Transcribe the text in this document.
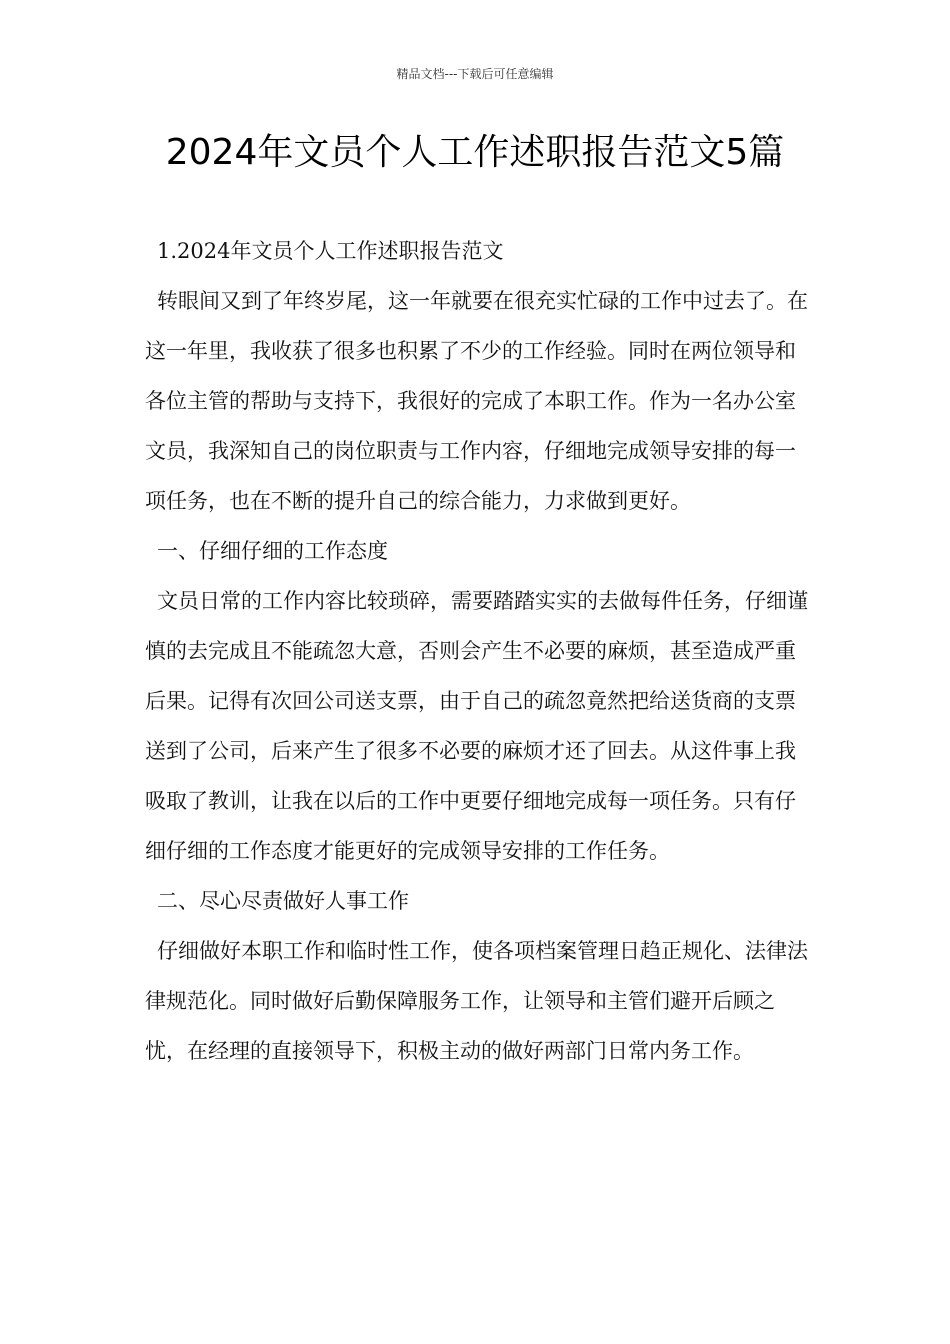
精品文档---下载后可任意编辑
2024年文员个人工作述职报告范文5篇

1.2024年文员个人工作述职报告范文

转眼间又到了年终岁尾，这一年就要在很充实忙碌的工作中过去了。在这一年里，我收获了很多也积累了不少的工作经验。同时在两位领导和各位主管的帮助与支持下，我很好的完成了本职工作。作为一名办公室文员，我深知自己的岗位职责与工作内容，仔细地完成领导安排的每一项任务，也在不断的提升自己的综合能力，力求做到更好。

一、仔细仔细的工作态度

文员日常的工作内容比较琐碎，需要踏踏实实的去做每件任务，仔细谨慎的去完成且不能疏忽大意，否则会产生不必要的麻烦，甚至造成严重后果。记得有次回公司送支票，由于自己的疏忽竟然把给送货商的支票送到了公司，后来产生了很多不必要的麻烦才还了回去。从这件事上我吸取了教训，让我在以后的工作中更要仔细地完成每一项任务。只有仔细仔细的工作态度才能更好的完成领导安排的工作任务。

二、尽心尽责做好人事工作

仔细做好本职工作和临时性工作，使各项档案管理日趋正规化、法律法律规范化。同时做好后勤保障服务工作，让领导和主管们避开后顾之忧，在经理的直接领导下，积极主动的做好两部门日常内务工作。
